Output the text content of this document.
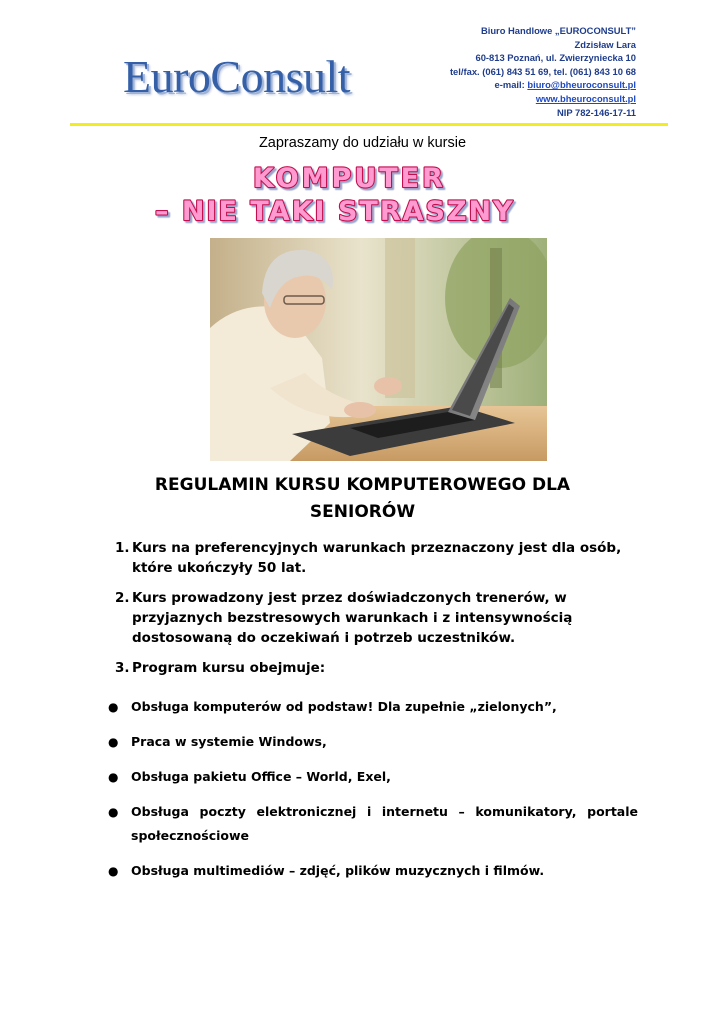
EuroConsult
Biuro Handlowe „EUROCONSULT”
Zdzisław Lara
60-813 Poznań, ul. Zwierzyniecka 10
tel/fax. (061) 843 51 69, tel. (061) 843 10 68
e-mail: biuro@bheuroconsult.pl
www.bheuroconsult.pl
NIP 782-146-17-11
Zapraszamy do udziału w kursie
KOMPUTER
– NIE TAKI STRASZNY
REGULAMIN KURSU KOMPUTEROWEGO DLA
SENIORÓW
1. Kurs na preferencyjnych warunkach przeznaczony jest dla osób,
które ukończyły 50 lat.
2. Kurs prowadzony jest przez doświadczonych trenerów, w
przyjaznych bezstresowych warunkach i z intensywnością
dostosowaną do oczekiwań i potrzeb uczestników.
3. Program kursu obejmuje:
● Obsługa komputerów od podstaw! Dla zupełnie „zielonych”,
● Praca w systemie Windows,
● Obsługa pakietu Office – World, Exel,
● Obsługa poczty elektronicznej i internetu – komunikatory, portale społecznościowe
● Obsługa multimediów – zdjęć, plików muzycznych i filmów.
